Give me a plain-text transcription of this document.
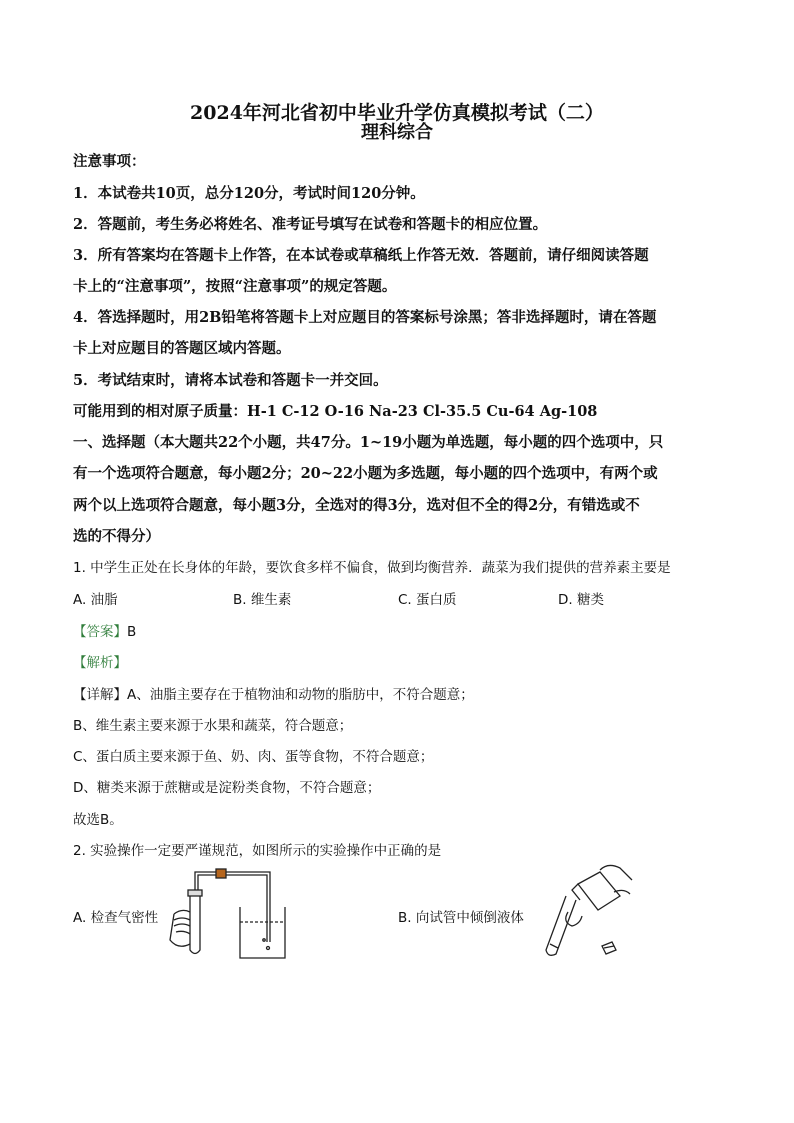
2024年河北省初中毕业升学仿真模拟考试（二）
理科综合
注意事项：
1．本试卷共10页，总分120分，考试时间120分钟。
2．答题前，考生务必将姓名、准考证号填写在试卷和答题卡的相应位置。
3．所有答案均在答题卡上作答，在本试卷或草稿纸上作答无效．答题前，请仔细阅读答题
卡上的“注意事项”，按照“注意事项”的规定答题。
4．答选择题时，用2B铅笔将答题卡上对应题目的答案标号涂黑；答非选择题时，请在答题
卡上对应题目的答题区域内答题。
5．考试结束时，请将本试卷和答题卡一并交回。
可能用到的相对原子质量：H-1 C-12 O-16 Na-23 Cl-35.5 Cu-64 Ag-108
一、选择题（本大题共22个小题，共47分。1~19小题为单选题，每小题的四个选项中，只
有一个选项符合题意，每小题2分；20~22小题为多选题，每小题的四个选项中，有两个或
两个以上选项符合题意，每小题3分，全选对的得3分，选对但不全的得2分，有错选或不
选的不得分）
1. 中学生正处在长身体的年龄，要饮食多样不偏食，做到均衡营养．蔬菜为我们提供的营养素主要是
A. 油脂	B. 维生素	C. 蛋白质	D. 糖类
【答案】B
【解析】
【详解】A、油脂主要存在于植物油和动物的脂肪中，不符合题意；
B、维生素主要来源于水果和蔬菜，符合题意；
C、蛋白质主要来源于鱼、奶、肉、蛋等食物，不符合题意；
D、糖类来源于蔗糖或是淀粉类食物，不符合题意；
故选B。
2. 实验操作一定要严谨规范，如图所示的实验操作中正确的是
A. 检查气密性	B. 向试管中倾倒液体
